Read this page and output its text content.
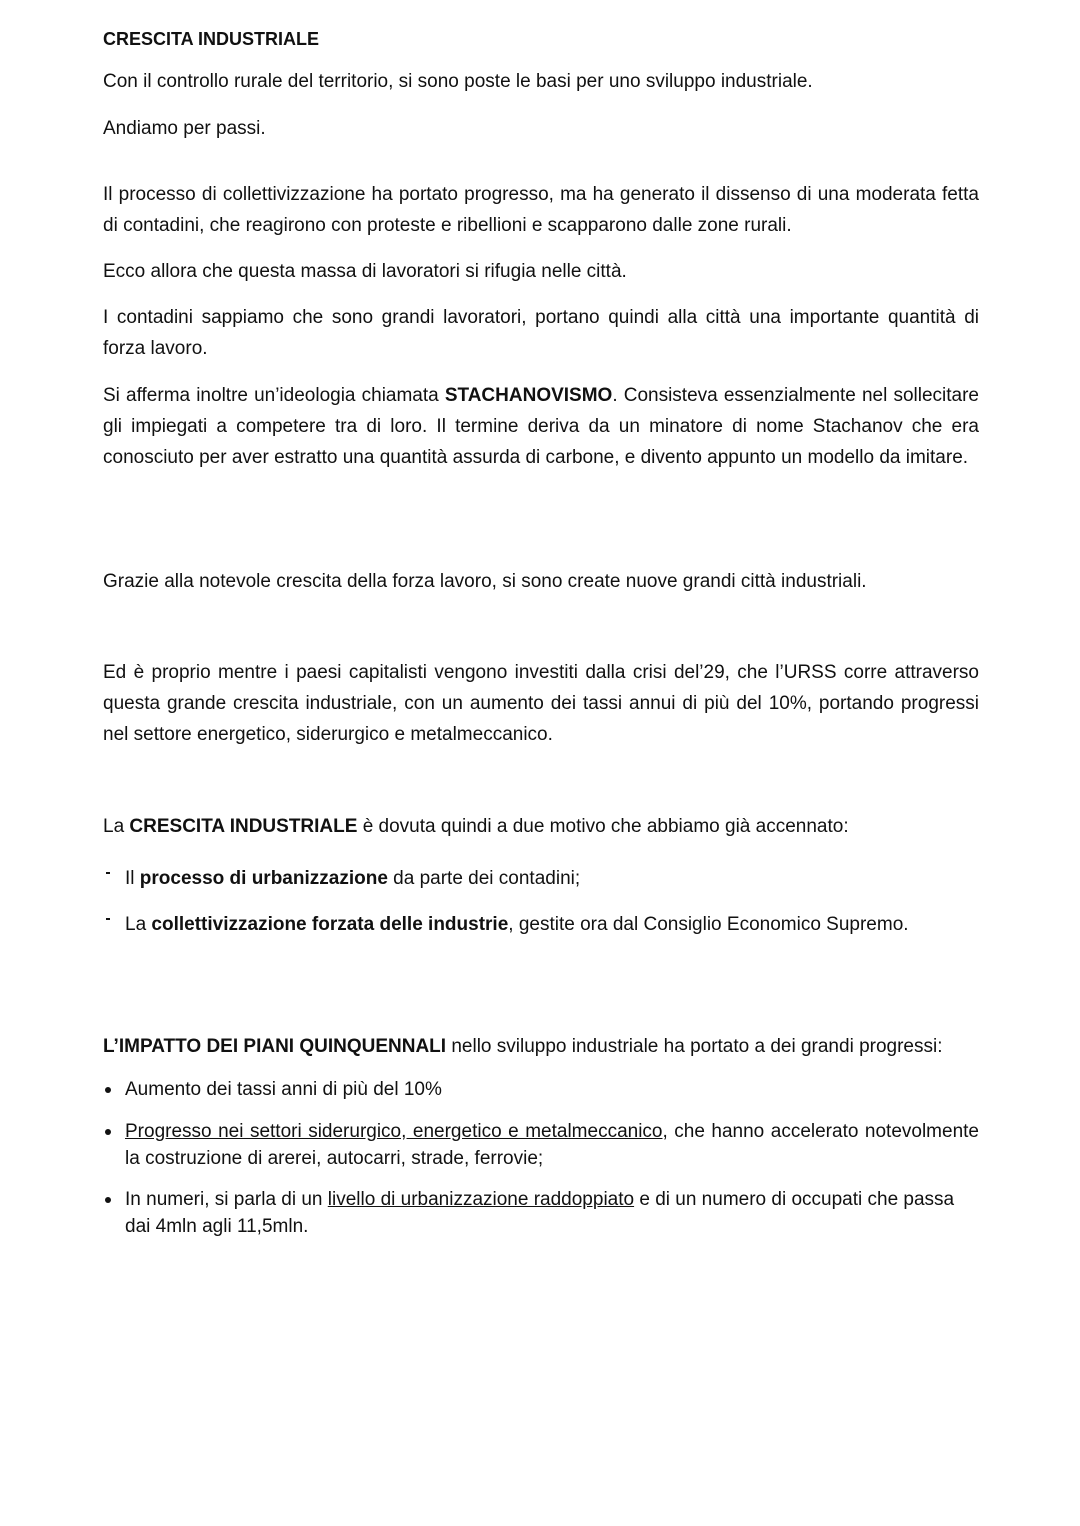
CRESCITA INDUSTRIALE

Con il controllo rurale del territorio, si sono poste le basi per uno sviluppo industriale.

Andiamo per passi.

Il processo di collettivizzazione ha portato progresso, ma ha generato il dissenso di una moderata fetta di contadini, che reagirono con proteste e ribellioni e scapparono dalle zone rurali.

Ecco allora che questa massa di lavoratori si rifugia nelle città.

I contadini sappiamo che sono grandi lavoratori, portano quindi alla città una importante quantità di forza lavoro.

Si afferma inoltre un’ideologia chiamata STACHANOVISMO. Consisteva essenzialmente nel sollecitare gli impiegati a competere tra di loro. Il termine deriva da un minatore di nome Stachanov che era conosciuto per aver estratto una quantità assurda di carbone, e divento appunto un modello da imitare.

Grazie alla notevole crescita della forza lavoro, si sono create nuove grandi città industriali.

Ed è proprio mentre i paesi capitalisti vengono investiti dalla crisi del’29, che l’URSS corre attraverso questa grande crescita industriale, con un aumento dei tassi annui di più del 10%, portando progressi nel settore energetico, siderurgico e metalmeccanico.

La CRESCITA INDUSTRIALE è dovuta quindi a due motivo che abbiamo già accennato:

Il processo di urbanizzazione da parte dei contadini;
La collettivizzazione forzata delle industrie, gestite ora dal Consiglio Economico Supremo.

L’IMPATTO DEI PIANI QUINQUENNALI nello sviluppo industriale ha portato a dei grandi progressi:

Aumento dei tassi anni di più del 10%
Progresso nei settori siderurgico, energetico e metalmeccanico, che hanno accelerato notevolmente la costruzione di arerei, autocarri, strade, ferrovie;
In numeri, si parla di un livello di urbanizzazione raddoppiato e di un numero di occupati che passa dai 4mln agli 11,5mln.
